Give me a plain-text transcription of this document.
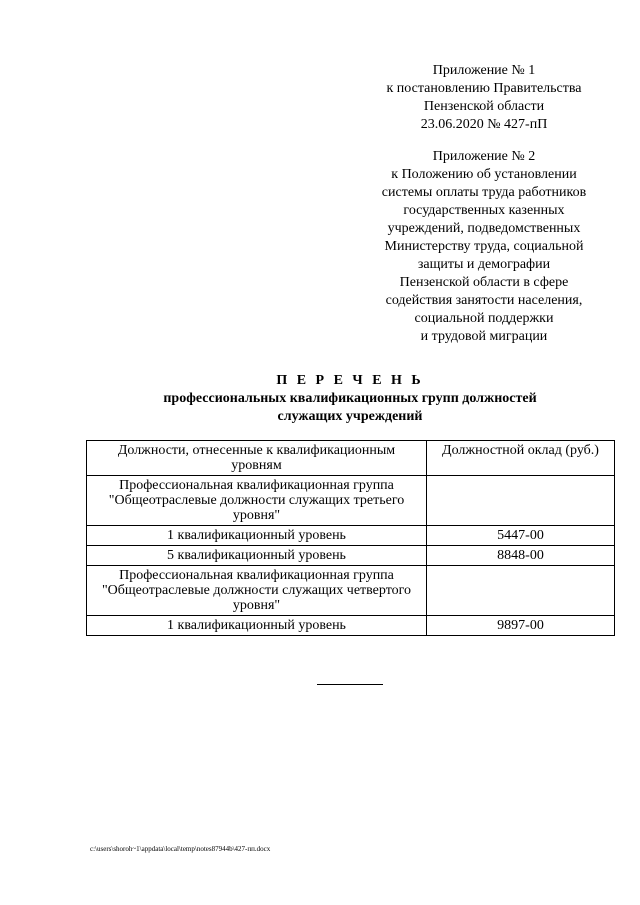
Приложение № 1
к постановлению Правительства
Пензенской области
23.06.2020 № 427-пП
Приложение № 2
к Положению об установлении
системы оплаты труда работников
государственных казенных
учреждений, подведомственных
Министерству труда, социальной
защиты и демографии
Пензенской области в сфере
содействия занятости населения,
социальной поддержки
и трудовой миграции
П Е Р Е Ч Е Н Ь
профессиональных квалификационных групп должностей
служащих учреждений
Должности, отнесенные к квалификационным уровням	Должностной оклад (руб.)
Профессиональная квалификационная группа "Общеотраслевые должности служащих третьего уровня"	
1 квалификационный уровень	5447-00
5 квалификационный уровень	8848-00
Профессиональная квалификационная группа "Общеотраслевые должности служащих четвертого уровня"	
1 квалификационный уровень	9897-00
c:\users\shoroh~1\appdata\local\temp\notes87944b\427-пп.docx
